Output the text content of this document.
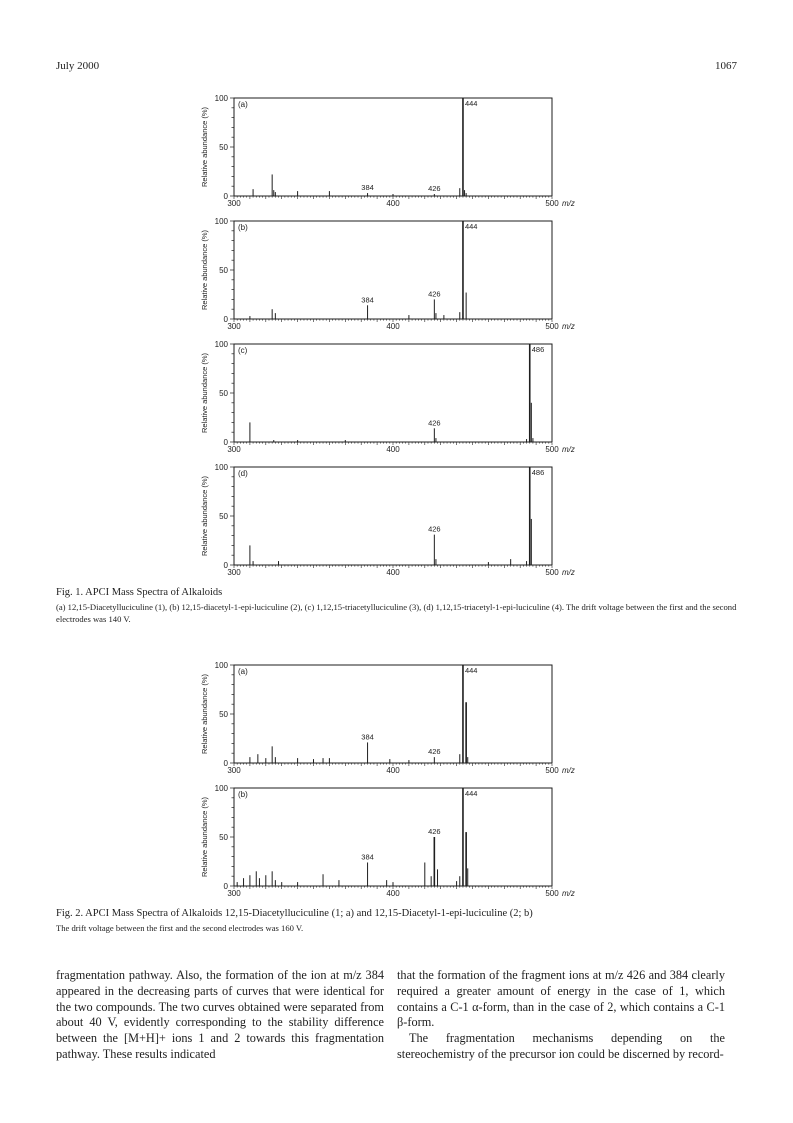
July 2000	1067
300	400	500
0
50
100
m/z
Relative abundance (%)
(a)	444
384	426
300	400	500
0
50
100
m/z
Relative abundance (%)
(b)	444
384
426
300	400	500
0
50
100
m/z
Relative abundance (%)
(c)	486
426
300	400	500
0
50
100
m/z
Relative abundance (%)
(d)	486
426
Fig. 1. APCI Mass Spectra of Alkaloids
(a) 12,15-Diacetylluciculine (1), (b) 12,15-diacetyl-1-epi-luciculine (2), (c) 1,12,15-triacetylluciculine (3), (d) 1,12,15-triacetyl-1-epi-luciculine (4). The drift voltage between the first and the second electrodes was 140 V.
300	400	500
0
50
100
m/z
Relative abundance (%)
(a)	444
384
426
300	400	500
0
50
100
m/z
Relative abundance (%)
(b)	444
384
426
Fig. 2. APCI Mass Spectra of Alkaloids 12,15-Diacetylluciculine (1; a) and 12,15-Diacetyl-1-epi-luciculine (2; b)
The drift voltage between the first and the second electrodes was 160 V.

fragmentation pathway. Also, the formation of the ion at m/z 384 appeared in the decreasing parts of curves that were identical for the two compounds. The two curves obtained were separated from about 40 V, evidently corresponding to the stability difference between the [M+H]+ ions 1 and 2 towards this fragmentation pathway. These results indicated

that the formation of the fragment ions at m/z 426 and 384 clearly required a greater amount of energy in the case of 1, which contains a C-1 α-form, than in the case of 2, which contains a C-1 β-form.

The fragmentation mechanisms depending on the stereochemistry of the precursor ion could be discerned by record-
